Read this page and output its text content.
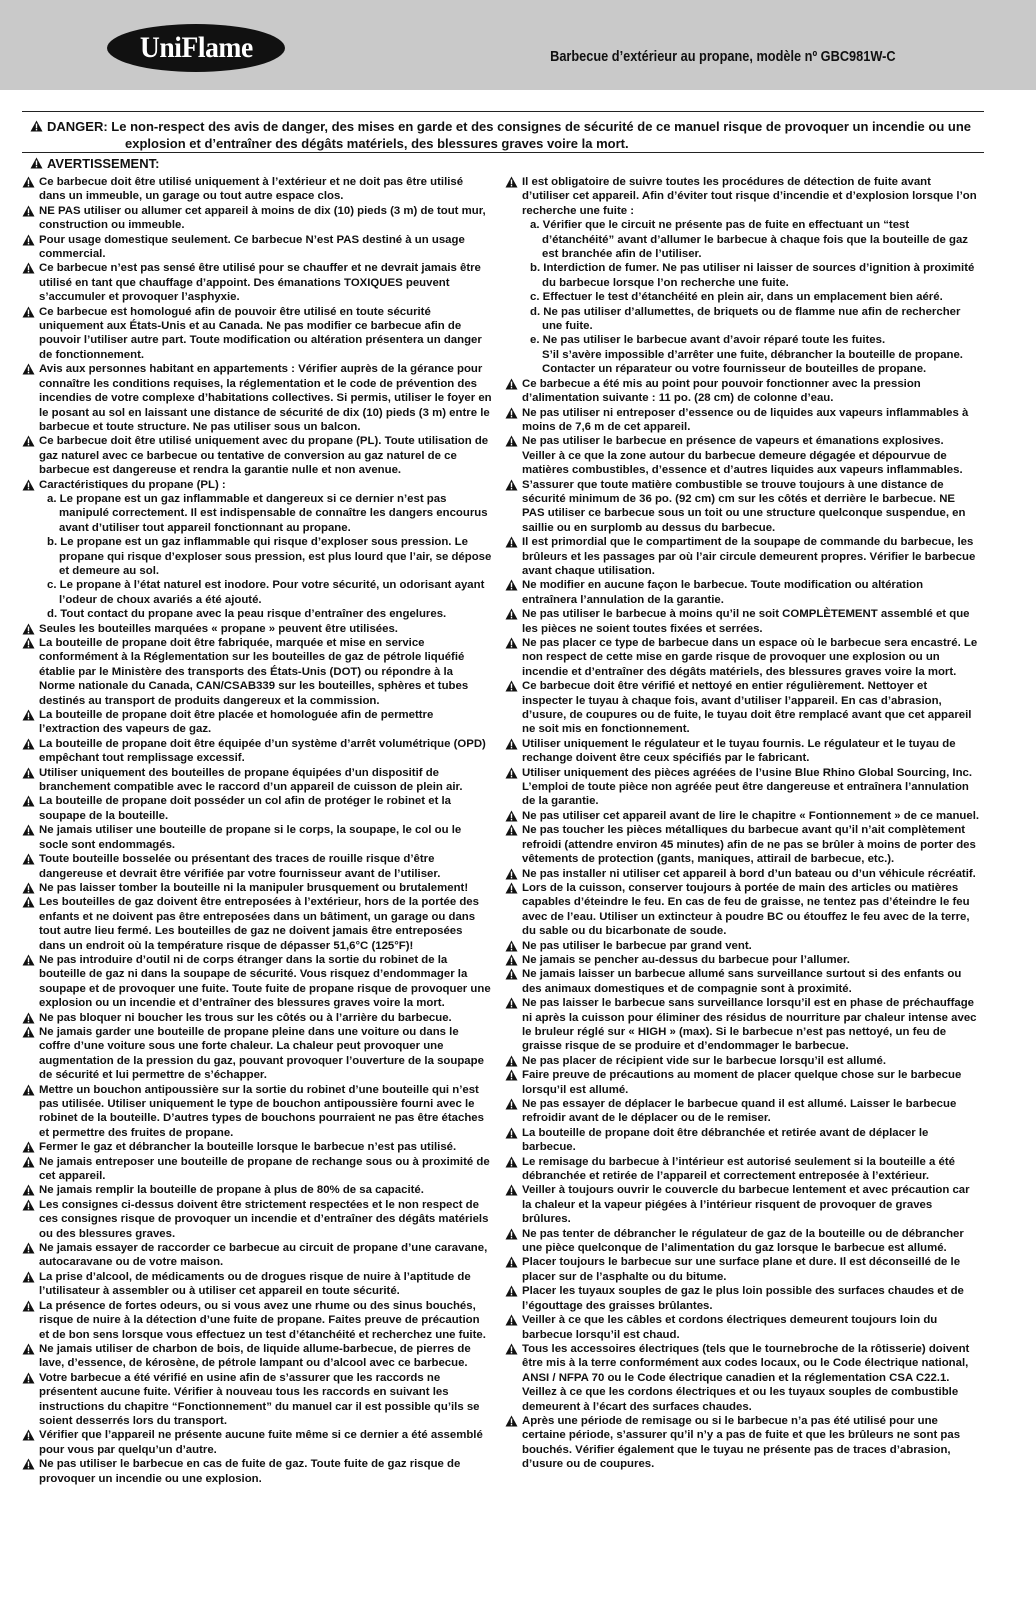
UniFlame	Barbecue d’extérieur au propane, modèle nº GBC981W-C
DANGER: Le non-respect des avis de danger, des mises en garde et des consignes de sécurité de ce manuel risque de provoquer un incendie ou une
explosion et d’entraîner des dégâts matériels, des blessures graves voire la mort.
AVERTISSEMENT:
Ce barbecue doit être utilisé uniquement à l’extérieur et ne doit pas être utilisé dans un immeuble, un garage ou tout autre espace clos.
NE PAS utiliser ou allumer cet appareil à moins de dix (10) pieds (3 m) de tout mur, construction ou immeuble.
Pour usage domestique seulement. Ce barbecue N’est PAS destiné à un usage commercial.
Ce barbecue n’est pas sensé être utilisé pour se chauffer et ne devrait jamais être utilisé en tant que chauffage d’appoint. Des émanations TOXIQUES peuvent s’accumuler et provoquer l’asphyxie.
Ce barbecue est homologué afin de pouvoir être utilisé en toute sécurité uniquement aux États-Unis et au Canada. Ne pas modifier ce barbecue afin de pouvoir l’utiliser autre part. Toute modification ou altération présentera un danger de fonctionnement.
Avis aux personnes habitant en appartements : Vérifier auprès de la gérance pour connaître les conditions requises, la réglementation et le code de prévention des incendies de votre complexe d’habitations collectives. Si permis, utiliser le foyer en le posant au sol en laissant une distance de sécurité de dix (10) pieds (3 m) entre le barbecue et toute structure. Ne pas utiliser sous un balcon.
Ce barbecue doit être utilisé uniquement avec du propane (PL). Toute utilisation de gaz naturel avec ce barbecue ou tentative de conversion au gaz naturel de ce barbecue est dangereuse et rendra la garantie nulle et non avenue.
Caractéristiques du propane (PL) :
a. Le propane est un gaz inflammable et dangereux si ce dernier n’est pas manipulé correctement. Il est indispensable de connaître les dangers encourus avant d’utiliser tout appareil fonctionnant au propane.
b. Le propane est un gaz inflammable qui risque d’exploser sous pression. Le propane qui risque d’exploser sous pression, est plus lourd que l’air, se dépose et demeure au sol.
c. Le propane à l’état naturel est inodore. Pour votre sécurité, un odorisant ayant l’odeur de choux avariés a été ajouté.
d. Tout contact du propane avec la peau risque d’entraîner des engelures.
Seules les bouteilles marquées « propane » peuvent être utilisées.
La bouteille de propane doit être fabriquée, marquée et mise en service conformément à la Réglementation sur les bouteilles de gaz de pétrole liquéfié établie par le Ministère des transports des États-Unis (DOT) ou répondre à la Norme nationale du Canada, CAN/CSAB339 sur les bouteilles, sphères et tubes destinés au transport de produits dangereux et la commission.
La bouteille de propane doit être placée et homologuée afin de permettre l’extraction des vapeurs de gaz.
La bouteille de propane doit être équipée d’un système d’arrêt volumétrique (OPD) empêchant tout remplissage excessif.
Utiliser uniquement des bouteilles de propane équipées d’un dispositif de branchement compatible avec le raccord d’un appareil de cuisson de plein air.
La bouteille de propane doit posséder un col afin de protéger le robinet et la soupape de la bouteille.
Ne jamais utiliser une bouteille de propane si le corps, la soupape, le col ou le socle sont endommagés.
Toute bouteille bosselée ou présentant des traces de rouille risque d’être dangereuse et devrait être vérifiée par votre fournisseur avant de l’utiliser.
Ne pas laisser tomber la bouteille ni la manipuler brusquement ou brutalement!
Les bouteilles de gaz doivent être entreposées à l’extérieur, hors de la portée des enfants et ne doivent pas être entreposées dans un bâtiment, un garage ou dans tout autre lieu fermé. Les bouteilles de gaz ne doivent jamais être entreposées dans un endroit où la température risque de dépasser 51,6°C (125°F)!
Ne pas introduire d’outil ni de corps étranger dans la sortie du robinet de la bouteille de gaz ni dans la soupape de sécurité. Vous risquez d’endommager la soupape et de provoquer une fuite. Toute fuite de propane risque de provoquer une explosion ou un incendie et d’entraîner des blessures graves voire la mort.
Ne pas bloquer ni boucher les trous sur les côtés ou à l’arrière du barbecue.
Ne jamais garder une bouteille de propane pleine dans une voiture ou dans le coffre d’une voiture sous une forte chaleur. La chaleur peut provoquer une augmentation de la pression du gaz, pouvant provoquer l’ouverture de la soupape de sécurité et lui permettre de s’échapper.
Mettre un bouchon antipoussière sur la sortie du robinet d’une bouteille qui n’est pas utilisée. Utiliser uniquement le type de bouchon antipoussière fourni avec le robinet de la bouteille. D’autres types de bouchons pourraient ne pas être étaches et permettre des fruites de propane.
Fermer le gaz et débrancher la bouteille lorsque le barbecue n’est pas utilisé.
Ne jamais entreposer une bouteille de propane de rechange sous ou à proximité de cet appareil.
Ne jamais remplir la bouteille de propane à plus de 80% de sa capacité.
Les consignes ci-dessus doivent être strictement respectées et le non respect de ces consignes risque de provoquer un incendie et d’entraîner des dégâts matériels ou des blessures graves.
Ne jamais essayer de raccorder ce barbecue au circuit de propane d’une caravane, autocaravane ou de votre maison.
La prise d’alcool, de médicaments ou de drogues risque de nuire à l’aptitude de l’utilisateur à assembler ou à utiliser cet appareil en toute sécurité.
La présence de fortes odeurs, ou si vous avez une rhume ou des sinus bouchés, risque de nuire à la détection d’une fuite de propane. Faites preuve de précaution et de bon sens lorsque vous effectuez un test d’étanchéité et recherchez une fuite.
Ne jamais utiliser de charbon de bois, de liquide allume-barbecue, de pierres de lave, d’essence, de kérosène, de pétrole lampant ou d’alcool avec ce barbecue.
Votre barbecue a été vérifié en usine afin de s’assurer que les raccords ne présentent aucune fuite. Vérifier à nouveau tous les raccords en suivant les instructions du chapitre “Fonctionnement” du manuel car il est possible qu’ils se soient desserrés lors du transport.
Vérifier que l’appareil ne présente aucune fuite même si ce dernier a été assemblé pour vous par quelqu’un d’autre.
Ne pas utiliser le barbecue en cas de fuite de gaz. Toute fuite de gaz risque de provoquer un incendie ou une explosion.
Il est obligatoire de suivre toutes les procédures de détection de fuite avant d’utiliser cet appareil. Afin d’éviter tout risque d’incendie et d’explosion lorsque l’on recherche une fuite :
a. Vérifier que le circuit ne présente pas de fuite en effectuant un “test d’étanchéité” avant d’allumer le barbecue à chaque fois que la bouteille de gaz est branchée afin de l’utiliser.
b. Interdiction de fumer. Ne pas utiliser ni laisser de sources d’ignition à proximité du barbecue lorsque l’on recherche une fuite.
c. Effectuer le test d’étanchéité en plein air, dans un emplacement bien aéré.
d. Ne pas utiliser d’allumettes, de briquets ou de flamme nue afin de rechercher une fuite.
e. Ne pas utiliser le barbecue avant d’avoir réparé toute les fuites.
S’il s’avère impossible d’arrêter une fuite, débrancher la bouteille de propane. Contacter un réparateur ou votre fournisseur de bouteilles de propane.
Ce barbecue a été mis au point pour pouvoir fonctionner avec la pression d’alimentation suivante : 11 po. (28 cm) de colonne d’eau.
Ne pas utiliser ni entreposer d’essence ou de liquides aux vapeurs inflammables à moins de 7,6 m de cet appareil.
Ne pas utiliser le barbecue en présence de vapeurs et émanations explosives. Veiller à ce que la zone autour du barbecue demeure dégagée et dépourvue de matières combustibles, d’essence et d’autres liquides aux vapeurs inflammables.
S’assurer que toute matière combustible se trouve toujours à une distance de sécurité minimum de 36 po. (92 cm) cm sur les côtés et derrière le barbecue. NE PAS utiliser ce barbecue sous un toit ou une structure quelconque suspendue, en saillie ou en surplomb au dessus du barbecue.
Il est primordial que le compartiment de la soupape de commande du barbecue, les brûleurs et les passages par où l’air circule demeurent propres. Vérifier le barbecue avant chaque utilisation.
Ne modifier en aucune façon le barbecue. Toute modification ou altération entraînera l’annulation de la garantie.
Ne pas utiliser le barbecue à moins qu’il ne soit COMPLÈTEMENT assemblé et que les pièces ne soient toutes fixées et serrées.
Ne pas placer ce type de barbecue dans un espace où le barbecue sera encastré. Le non respect de cette mise en garde risque de provoquer une explosion ou un incendie et d’entraîner des dégâts matériels, des blessures graves voire la mort.
Ce barbecue doit être vérifié et nettoyé en entier régulièrement. Nettoyer et inspecter le tuyau à chaque fois, avant d’utiliser l’appareil. En cas d’abrasion, d’usure, de coupures ou de fuite, le tuyau doit être remplacé avant que cet appareil ne soit mis en fonctionnement.
Utiliser uniquement le régulateur et le tuyau fournis. Le régulateur et le tuyau de rechange doivent être ceux spécifiés par le fabricant.
Utiliser uniquement des pièces agréées de l’usine Blue Rhino Global Sourcing, Inc. L’emploi de toute pièce non agréée peut être dangereuse et entraînera l’annulation de la garantie.
Ne pas utiliser cet appareil avant de lire le chapitre « Fontionnement » de ce manuel.
Ne pas toucher les pièces métalliques du barbecue avant qu’il n’ait complètement refroidi (attendre environ 45 minutes) afin de ne pas se brûler à moins de porter des vêtements de protection (gants, maniques, attirail de barbecue, etc.).
Ne pas installer ni utiliser cet appareil à bord d’un bateau ou d’un véhicule récréatif.
Lors de la cuisson, conserver toujours à portée de main des articles ou matières capables d’éteindre le feu. En cas de feu de graisse, ne tentez pas d’éteindre le feu avec de l’eau. Utiliser un extincteur à poudre BC ou étouffez le feu avec de la terre, du sable ou du bicarbonate de soude.
Ne pas utiliser le barbecue par grand vent.
Ne jamais se pencher au-dessus du barbecue pour l’allumer.
Ne jamais laisser un barbecue allumé sans surveillance surtout si des enfants ou des animaux domestiques et de compagnie sont à proximité.
Ne pas laisser le barbecue sans surveillance lorsqu’il est en phase de préchauffage ni après la cuisson pour éliminer des résidus de nourriture par chaleur intense avec le bruleur réglé sur « HIGH » (max). Si le barbecue n’est pas nettoyé, un feu de graisse risque de se produire et d’endommager le barbecue.
Ne pas placer de récipient vide sur le barbecue lorsqu’il est allumé.
Faire preuve de précautions au moment de placer quelque chose sur le barbecue lorsqu’il est allumé.
Ne pas essayer de déplacer le barbecue quand il est allumé. Laisser le barbecue refroidir avant de le déplacer ou de le remiser.
La bouteille de propane doit être débranchée et retirée avant de déplacer le barbecue.
Le remisage du barbecue à l’intérieur est autorisé seulement si la bouteille a été débranchée et retirée de l’appareil et correctement entreposée à l’extérieur.
Veiller à toujours ouvrir le couvercle du barbecue lentement et avec précaution car la chaleur et la vapeur piégées à l’intérieur risquent de provoquer de graves brûlures.
Ne pas tenter de débrancher le régulateur de gaz de la bouteille ou de débrancher une pièce quelconque de l’alimentation du gaz lorsque le barbecue est allumé.
Placer toujours le barbecue sur une surface plane et dure. Il est déconseillé de le placer sur de l’asphalte ou du bitume.
Placer les tuyaux souples de gaz le plus loin possible des surfaces chaudes et de l’égouttage des graisses brûlantes.
Veiller à ce que les câbles et cordons électriques demeurent toujours loin du barbecue lorsqu’il est chaud.
Tous les accessoires électriques (tels que le tournebroche de la rôtisserie) doivent être mis à la terre conformément aux codes locaux, ou le Code électrique national, ANSI / NFPA 70 ou le Code électrique canadien et la réglementation CSA C22.1. Veillez à ce que les cordons électriques et ou les tuyaux souples de combustible demeurent à l’écart des surfaces chaudes.
Après une période de remisage ou si le barbecue n’a pas été utilisé pour une certaine période, s’assurer qu’il n’y a pas de fuite et que les brûleurs ne sont pas bouchés. Vérifier également que le tuyau ne présente pas de traces d’abrasion, d’usure ou de coupures.
